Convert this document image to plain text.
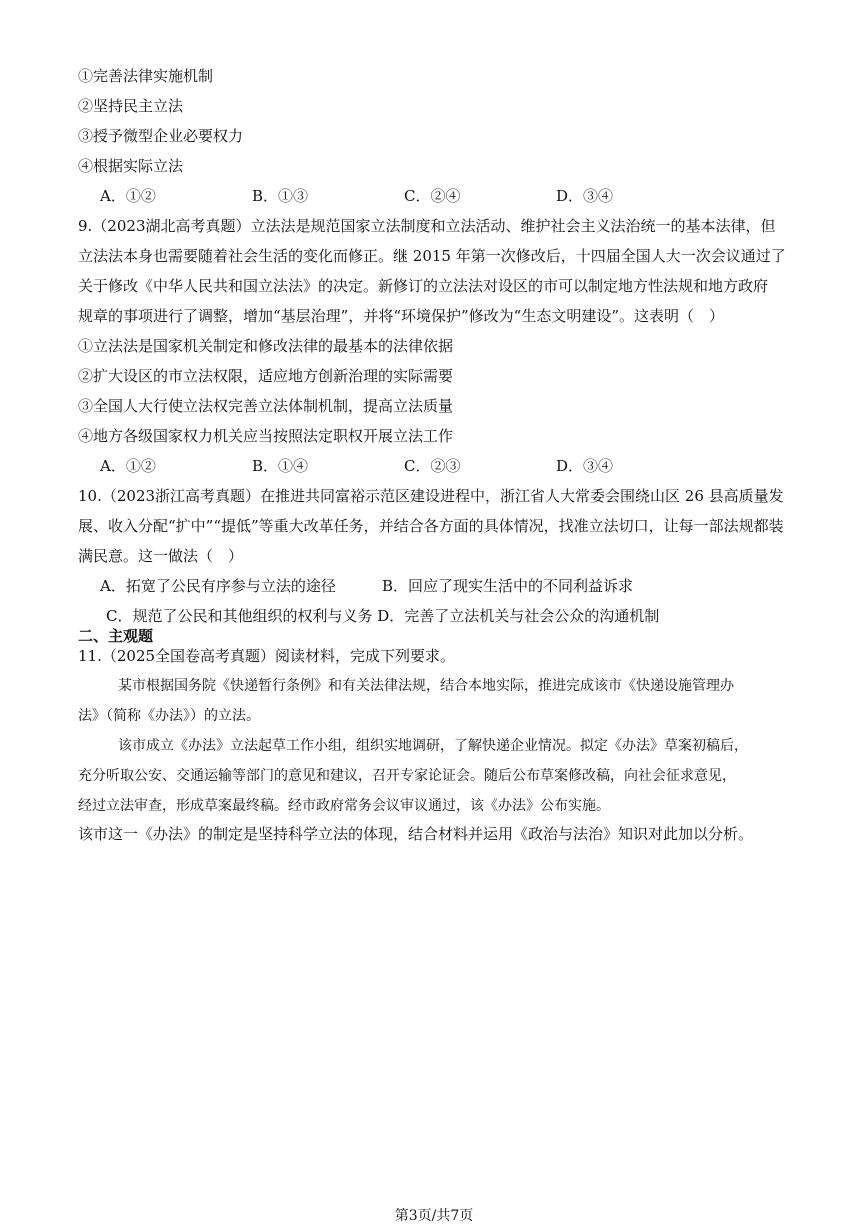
①完善法律实施机制
②坚持民主立法
③授予微型企业必要权力
④根据实际立法
A．①②	B．①③	C．②④	D．③④
9.（2023湖北高考真题）立法法是规范国家立法制度和立法活动、维护社会主义法治统一的基本法律，但
立法法本身也需要随着社会生活的变化而修正。继 2015 年第一次修改后，十四届全国人大一次会议通过了
关于修改《中华人民共和国立法法》的决定。新修订的立法法对设区的市可以制定地方性法规和地方政府
规章的事项进行了调整，增加“基层治理”，并将“环境保护”修改为“生态文明建设”。这表明（　）
①立法法是国家机关制定和修改法律的最基本的法律依据
②扩大设区的市立法权限，适应地方创新治理的实际需要
③全国人大行使立法权完善立法体制机制，提高立法质量
④地方各级国家权力机关应当按照法定职权开展立法工作
A．①②	B．①④	C．②③	D．③④
10.（2023浙江高考真题）在推进共同富裕示范区建设进程中，浙江省人大常委会围绕山区 26 县高质量发
展、收入分配“扩中”“提低”等重大改革任务，并结合各方面的具体情况，找准立法切口，让每一部法规都装
满民意。这一做法（　）
A．拓宽了公民有序参与立法的途径	B．回应了现实生活中的不同利益诉求
C．规范了公民和其他组织的权利与义务 D．完善了立法机关与社会公众的沟通机制
二、主观题
11.（2025全国卷高考真题）阅读材料，完成下列要求。
某市根据国务院《快递暂行条例》和有关法律法规，结合本地实际，推进完成该市《快递设施管理办
法》（简称《办法》）的立法。
该市成立《办法》立法起草工作小组，组织实地调研，了解快递企业情况。拟定《办法》草案初稿后，
充分听取公安、交通运输等部门的意见和建议，召开专家论证会。随后公布草案修改稿，向社会征求意见，
经过立法审查，形成草案最终稿。经市政府常务会议审议通过，该《办法》公布实施。
该市这一《办法》的制定是坚持科学立法的体现，结合材料并运用《政治与法治》知识对此加以分析。
第3页/共7页
